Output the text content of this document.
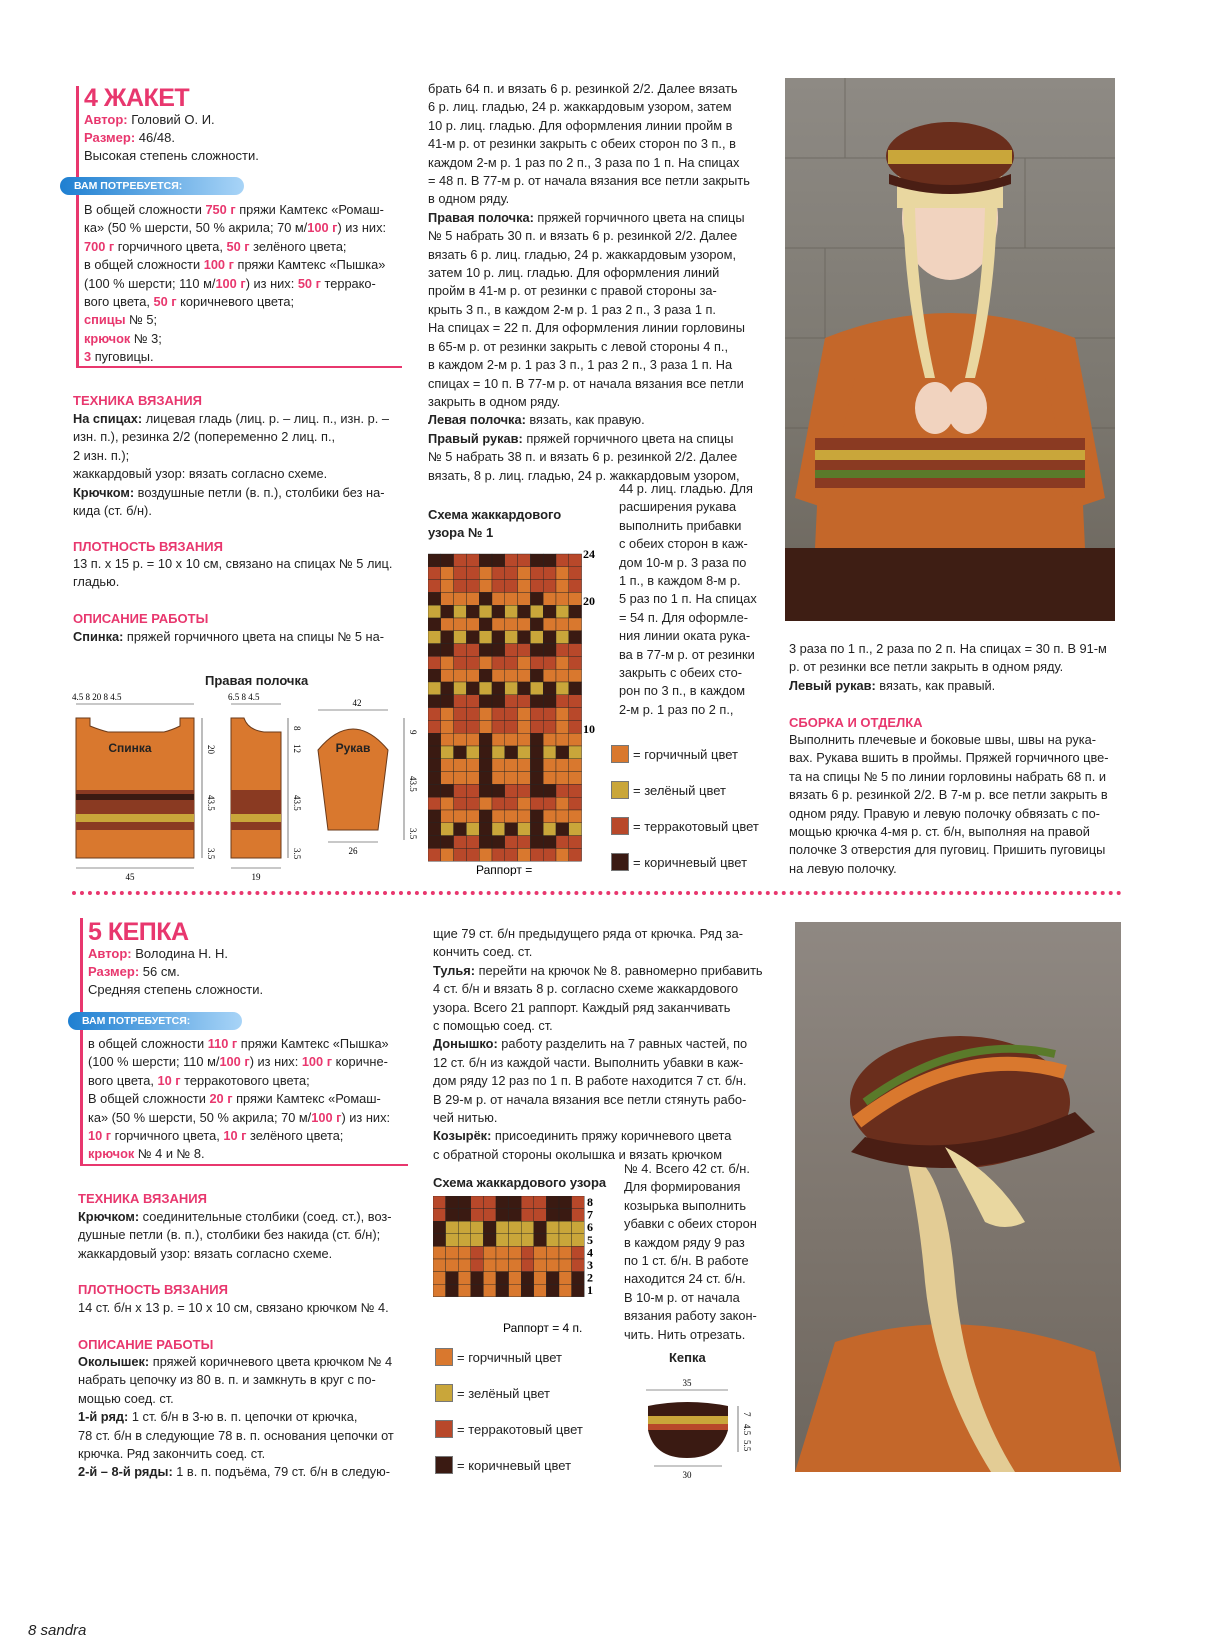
4 ЖАКЕТ
Автор: Головий О. И.
Размер: 46/48.
Высокая степень сложности.
ВАМ ПОТРЕБУЕТСЯ:
В общей сложности 750 г пряжи Камтекс «Ромаш-
ка» (50 % шерсти, 50 % акрила; 70 м/100 г) из них:
700 г горчичного цвета, 50 г зелёного цвета;
в общей сложности 100 г пряжи Камтекс «Пышка»
(100 % шерсти; 110 м/100 г) из них: 50 г террако-
вого цвета, 50 г коричневого цвета;
спицы № 5;
крючок № 3;
3 пуговицы.
ТЕХНИКА ВЯЗАНИЯ
На спицах: лицевая гладь (лиц. р. – лиц. п., изн. р. –
изн. п.), резинка 2/2 (попеременно 2 лиц. п.,
2 изн. п.);
жаккардовый узор: вязать согласно схеме.
Крючком: воздушные петли (в. п.), столбики без на-
кида (ст. б/н).
ПЛОТНОСТЬ ВЯЗАНИЯ
13 п. х 15 р. = 10 х 10 см, связано на спицах № 5 лиц.
гладью.
ОПИСАНИЕ РАБОТЫ
Спинка: пряжей горчичного цвета на спицы № 5 на-
Правая полочка
Спинка
4.5 8 20 8 4.5
45
20
43.5
3.5
6.5 8 4.5
19
8
12
43.5
3.5
Рукав
42
26
9
43.5
3.5
брать 64 п. и вязать 6 р. резинкой 2/2. Далее вязать
6 р. лиц. гладью, 24 р. жаккардовым узором, затем
10 р. лиц. гладью. Для оформления линии пройм в
41-м р. от резинки закрыть с обеих сторон по 3 п., в
каждом 2-м р. 1 раз по 2 п., 3 раза по 1 п. На спицах
= 48 п. В 77-м р. от начала вязания все петли закрыть
в одном ряду.
Правая полочка: пряжей горчичного цвета на спицы
№ 5 набрать 30 п. и вязать 6 р. резинкой 2/2. Далее
вязать 6 р. лиц. гладью, 24 р. жаккардовым узором,
затем 10 р. лиц. гладью. Для оформления линий
пройм в 41-м р. от резинки с правой стороны за-
крыть 3 п., в каждом 2-м р. 1 раз 2 п., 3 раза 1 п.
На спицах = 22 п. Для оформления линии горловины
в 65-м р. от резинки закрыть с левой стороны 4 п.,
в каждом 2-м р. 1 раз 3 п., 1 раз 2 п., 3 раза 1 п. На
спицах = 10 п. В 77-м р. от начала вязания все петли
закрыть в одном ряду.
Левая полочка: вязать, как правую.
Правый рукав: пряжей горчичного цвета на спицы
№ 5 набрать 38 п. и вязать 6 р. резинкой 2/2. Далее
вязать, 8 р. лиц. гладью, 24 р. жаккардовым узором,
44 р. лиц. гладью. Для
расширения рукава
выполнить прибавки
с обеих сторон в каж-
дом 10-м р. 3 раза по
1 п., в каждом 8-м р.
5 раз по 1 п. На спицах
= 54 п. Для оформле-
ния линии оката рука-
ва в 77-м р. от резинки
закрыть с обеих сто-
рон по 3 п., в каждом
2-м р. 1 раз по 2 п.,
Схема жаккардового узора № 1
24
20
10
Раппорт =
= горчичный цвет
= зелёный цвет
= терракотовый цвет
= коричневый цвет
3 раза по 1 п., 2 раза по 2 п. На спицах = 30 п. В 91-м
р. от резинки все петли закрыть в одном ряду.
Левый рукав: вязать, как правый.
СБОРКА И ОТДЕЛКА
Выполнить плечевые и боковые швы, швы на рука-
вах. Рукава вшить в проймы. Пряжей горчичного цве-
та на спицы № 5 по линии горловины набрать 68 п. и
вязать 6 р. резинкой 2/2. В 7-м р. все петли закрыть в
одном ряду. Правую и левую полочку обвязать с по-
мощью крючка 4-мя р. ст. б/н, выполняя на правой
полочке 3 отверстия для пуговиц. Пришить пуговицы
на левую полочку.
5 КЕПКА
Автор: Володина Н. Н.
Размер: 56 см.
Средняя степень сложности.
ВАМ ПОТРЕБУЕТСЯ:
в общей сложности 110 г пряжи Камтекс «Пышка»
(100 % шерсти; 110 м/100 г) из них: 100 г коричне-
вого цвета, 10 г терракотового цвета;
В общей сложности 20 г пряжи Камтекс «Ромаш-
ка» (50 % шерсти, 50 % акрила; 70 м/100 г) из них:
10 г горчичного цвета, 10 г зелёного цвета;
крючок № 4 и № 8.
ТЕХНИКА ВЯЗАНИЯ
Крючком: соединительные столбики (соед. ст.), воз-
душные петли (в. п.), столбики без накида (ст. б/н);
жаккардовый узор: вязать согласно схеме.
ПЛОТНОСТЬ ВЯЗАНИЯ
14 ст. б/н х 13 р. = 10 х 10 см, связано крючком № 4.
ОПИСАНИЕ РАБОТЫ
Околышек: пряжей коричневого цвета крючком № 4
набрать цепочку из 80 в. п. и замкнуть в круг с по-
мощью соед. ст.
1-й ряд: 1 ст. б/н в 3-ю в. п. цепочки от крючка,
78 ст. б/н в следующие 78 в. п. основания цепочки от
крючка. Ряд закончить соед. ст.
2-й – 8-й ряды: 1 в. п. подъёма, 79 ст. б/н в следую-
щие 79 ст. б/н предыдущего ряда от крючка. Ряд за-
кончить соед. ст.
Тулья: перейти на крючок № 8. равномерно прибавить
4 ст. б/н и вязать 8 р. согласно схеме жаккардового
узора. Всего 21 раппорт. Каждый ряд заканчивать
с помощью соед. ст.
Донышко: работу разделить на 7 равных частей, по
12 ст. б/н из каждой части. Выполнить убавки в каж-
дом ряду 12 раз по 1 п. В работе находится 7 ст. б/н.
В 29-м р. от начала вязания все петли стянуть рабо-
чей нитью.
Козырёк: присоединить пряжу коричневого цвета
с обратной стороны околышка и вязать крючком
№ 4. Всего 42 ст. б/н.
Для формирования
козырька выполнить
убавки с обеих сторон
в каждом ряду 9 раз
по 1 ст. б/н. В работе
находится 24 ст. б/н.
В 10-м р. от начала
вязания работу закон-
чить. Нить отрезать.
Схема жаккардового узора
8
7
6
5
4
3
2
1
Раппорт = 4 п.
= горчичный цвет
= зелёный цвет
= терракотовый цвет
= коричневый цвет
Кепка
35
30
7
4.5
5.5
8 sandra
